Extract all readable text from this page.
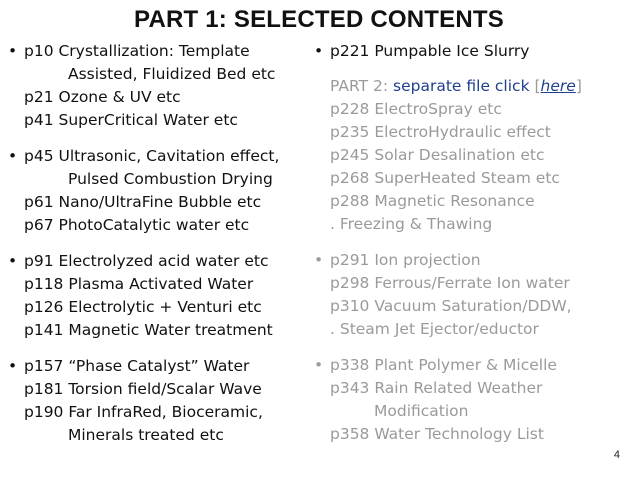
PART 1: SELECTED CONTENTS
• p10 Crystallization: Template
Assisted, Fluidized Bed etc
p21 Ozone & UV etc
p41 SuperCritical Water etc
• p45 Ultrasonic, Cavitation effect,
Pulsed Combustion Drying
p61 Nano/UltraFine Bubble etc
p67 PhotoCatalytic water etc
• p91 Electrolyzed acid water etc
p118 Plasma Activated Water
p126 Electrolytic + Venturi etc
p141 Magnetic Water treatment
• p157 “Phase Catalyst” Water
p181 Torsion field/Scalar Wave
p190 Far InfraRed, Bioceramic,
Minerals treated etc
• p221 Pumpable Ice Slurry
PART 2: separate file click [here]
p228 ElectroSpray etc
p235 ElectroHydraulic effect
p245 Solar Desalination etc
p268 SuperHeated Steam etc
p288 Magnetic Resonance
. Freezing & Thawing
• p291 Ion projection
p298 Ferrous/Ferrate Ion water
p310 Vacuum Saturation/DDW,
. Steam Jet Ejector/eductor
• p338 Plant Polymer & Micelle
p343 Rain Related Weather
Modification
p358 Water Technology List
4
